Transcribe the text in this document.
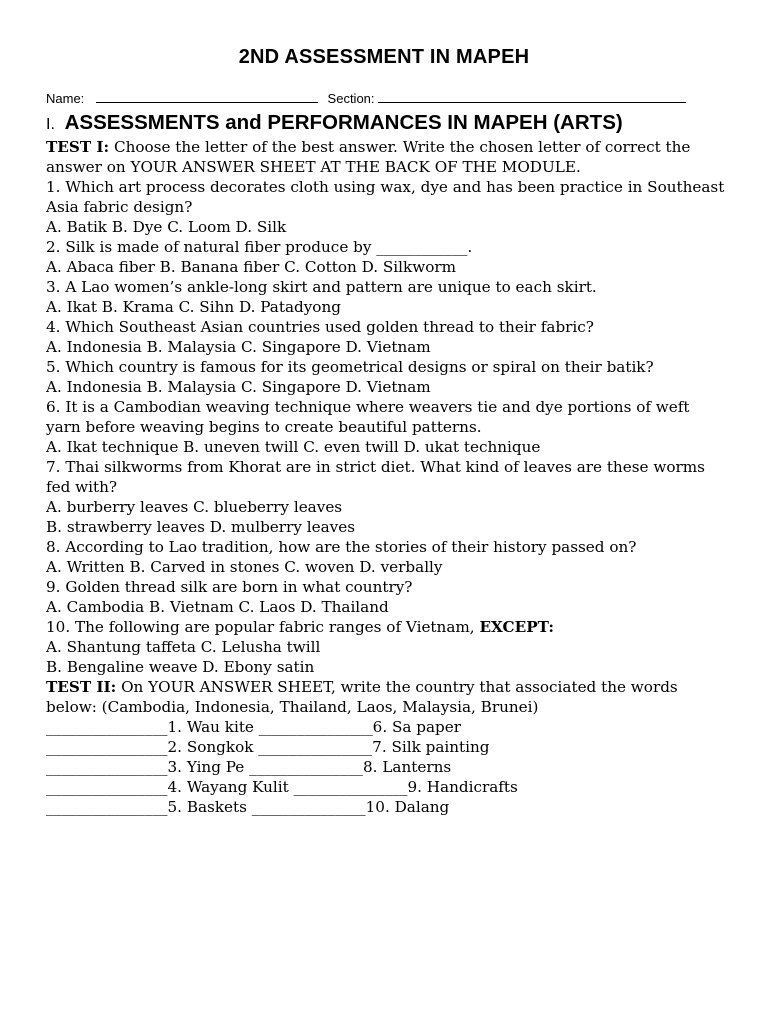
2ND ASSESSMENT IN MAPEH
Name:	Section:
I. ASSESSMENTS and PERFORMANCES IN MAPEH (ARTS)
TEST I: Choose the letter of the best answer. Write the chosen letter of correct the answer on YOUR ANSWER SHEET AT THE BACK OF THE MODULE.
1. Which art process decorates cloth using wax, dye and has been practice in Southeast Asia fabric design?
A. Batik B. Dye C. Loom D. Silk
2. Silk is made of natural fiber produce by ____________.
A. Abaca fiber B. Banana fiber C. Cotton D. Silkworm
3. A Lao women’s ankle-long skirt and pattern are unique to each skirt.
A. Ikat B. Krama C. Sihn D. Patadyong
4. Which Southeast Asian countries used golden thread to their fabric?
A. Indonesia B. Malaysia C. Singapore D. Vietnam
5. Which country is famous for its geometrical designs or spiral on their batik?
A. Indonesia B. Malaysia C. Singapore D. Vietnam
6. It is a Cambodian weaving technique where weavers tie and dye portions of weft yarn before weaving begins to create beautiful patterns.
A. Ikat technique B. uneven twill C. even twill D. ukat technique
7. Thai silkworms from Khorat are in strict diet. What kind of leaves are these worms fed with?
A. burberry leaves C. blueberry leaves
B. strawberry leaves D. mulberry leaves
8. According to Lao tradition, how are the stories of their history passed on?
A. Written B. Carved in stones C. woven D. verbally
9. Golden thread silk are born in what country?
A. Cambodia B. Vietnam C. Laos D. Thailand
10. The following are popular fabric ranges of Vietnam, EXCEPT:
A. Shantung taffeta C. Lelusha twill
B. Bengaline weave D. Ebony satin
TEST II: On YOUR ANSWER SHEET, write the country that associated the words below: (Cambodia, Indonesia, Thailand, Laos, Malaysia, Brunei)
________________1. Wau kite _______________6. Sa paper
________________2. Songkok _______________7. Silk painting
________________3. Ying Pe _______________8. Lanterns
________________4. Wayang Kulit _______________9. Handicrafts
________________5. Baskets _______________10. Dalang
